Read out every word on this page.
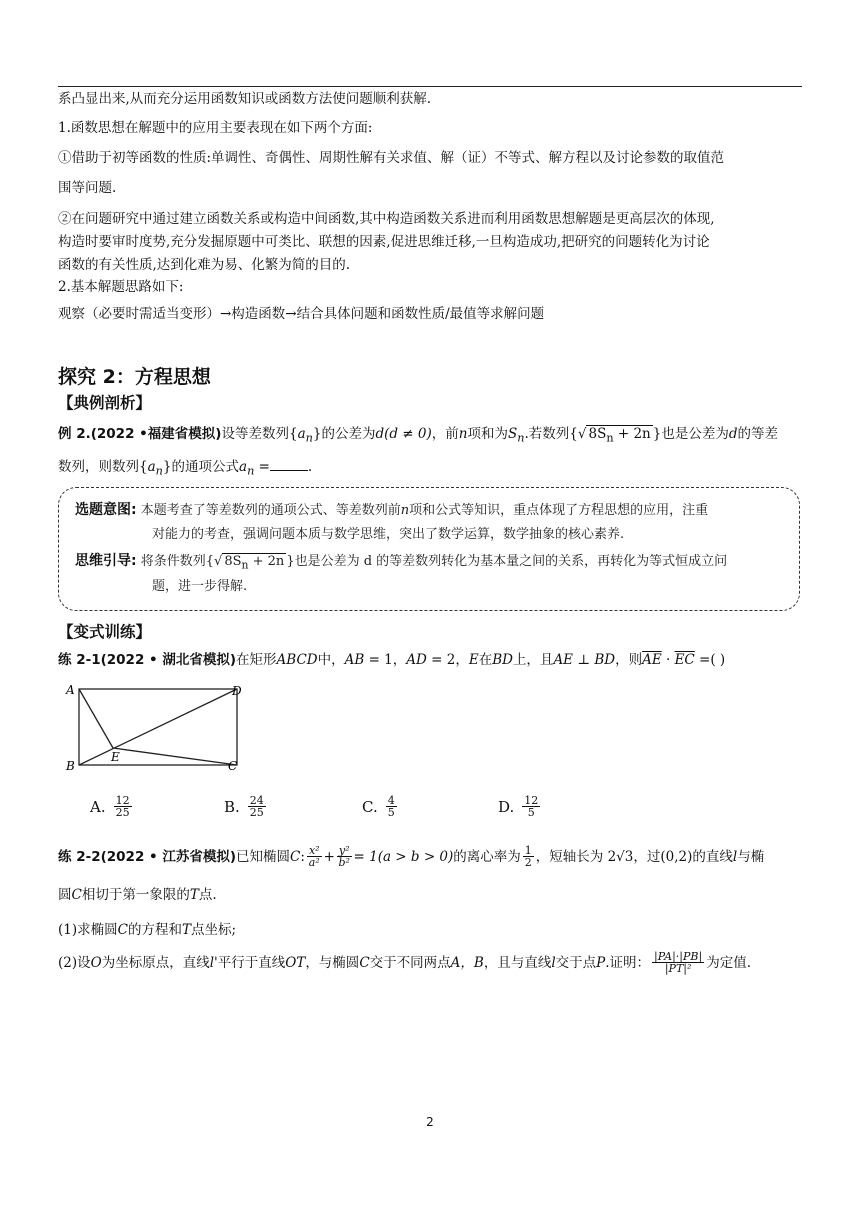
系凸显出来,从而充分运用函数知识或函数方法使问题顺利获解.
1.函数思想在解题中的应用主要表现在如下两个方面:
①借助于初等函数的性质:单调性、奇偶性、周期性解有关求值、解（证）不等式、解方程以及讨论参数的取值范
围等问题.
②在问题研究中通过建立函数关系或构造中间函数,其中构造函数关系进而利用函数思想解题是更高层次的体现,
构造时要审时度势,充分发掘原题中可类比、联想的因素,促进思维迁移,一旦构造成功,把研究的问题转化为讨论
函数的有关性质,达到化难为易、化繁为简的目的.
2.基本解题思路如下:
观察（必要时需适当变形）→构造函数→结合具体问题和函数性质/最值等求解问题
探究 2：方程思想
【典例剖析】
例 2.(2022 •福建省模拟)设等差数列$\{a_n\}$的公差为d(d ≠ 0)，前n项和为$S_n$.若数列{√ $8S_n + 2n$ }也是公差为d的等差
数列，则数列$\{a_n\}$的通项公式$a_n$ =	.
选题意图: 本题考查了等差数列的通项公式、等差数列前n项和公式等知识，重点体现了方程思想的应用，注重
对能力的考查，强调问题本质与数学思维，突出了数学运算，数学抽象的核心素养.
思维引导: 将条件数列{√ $8S_n + 2n$ }也是公差为 d 的等差数列转化为基本量之间的关系，再转化为等式恒成立问
题，进一步得解.
【变式训练】
练 2-1(2022 • 湖北省模拟)在矩形ABCD中，AB = 1，AD = 2，E在BD上，且AE ⊥ BD，则$\overline{AE} \cdot \overline{EC}$ =( )
A
B	C
D
E
A. $\frac{12}{25}$	B. $\frac{24}{25}$	C. $\frac{4}{5}$	D. $\frac{12}{5}$
练 2-2(2022 • 江苏省模拟) 已知椭圆 C : $\frac{\text{x²}}{\text{a²}} + \frac{\text{y²}}{\text{b²}} = 1(a > b > 0)$ 的离心率为 $\frac{1}{2}$ ，短轴长为 2√3，过(0,2)的直线 l 与椭
圆C相切于第一象限的T点.
(1)求椭圆C的方程和T点坐标;
(2)设 O 为坐标原点，直线 l' 平行于直线 OT ，与椭圆 C 交于不同两点 A，B ，且与直线 l 交于点 P .证明： $\frac{|PA|\cdot|PB|}{\text{|PT|²}}$ 为定值.
2
